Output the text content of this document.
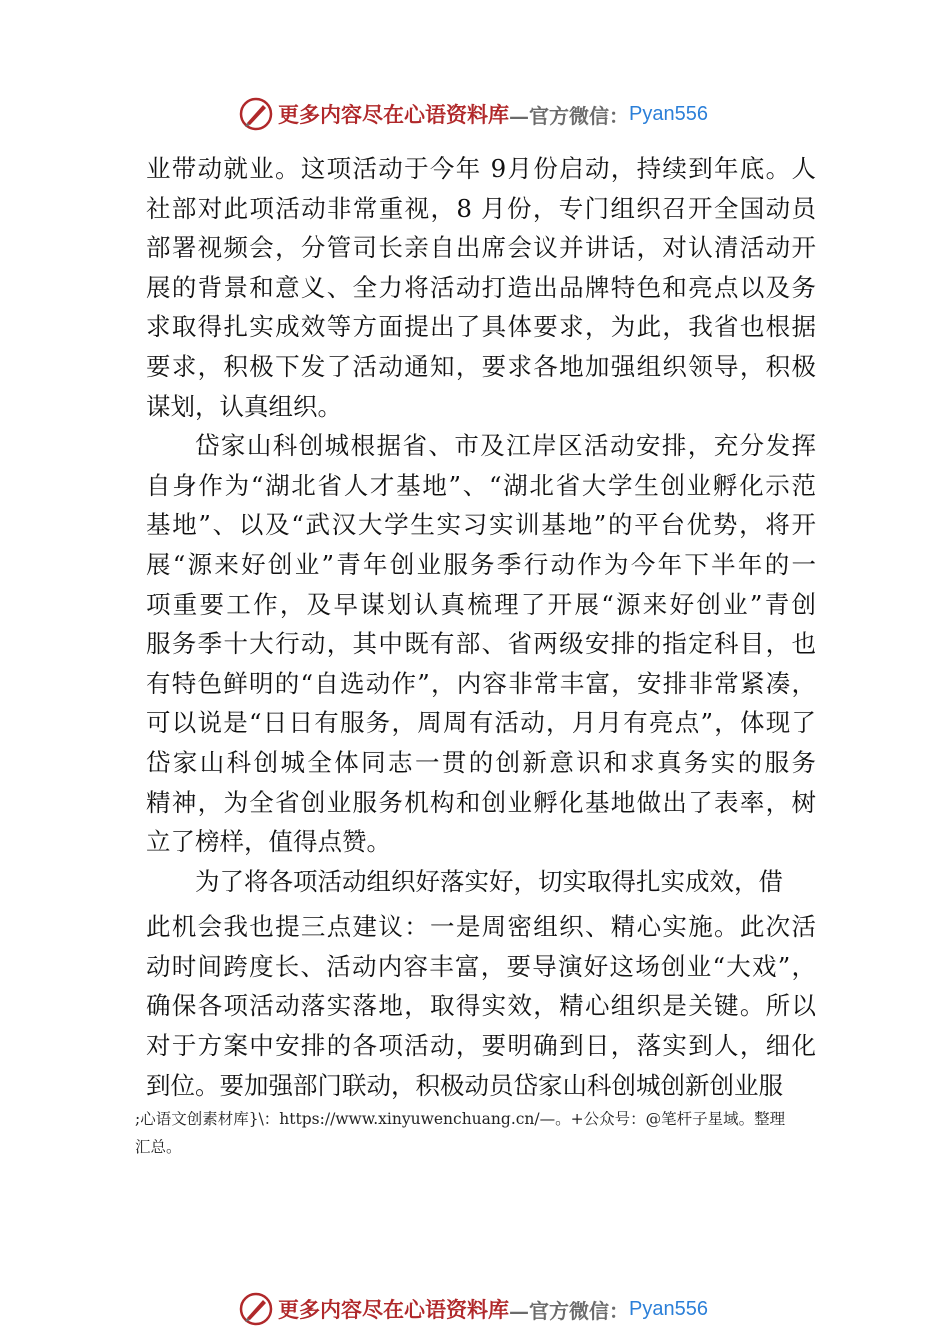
更多内容尽在心语资料库 —官方微信： Pyan556
业带动就业。这项活动于今年 9月份启动，持续到年底。人
社部对此项活动非常重视，8 月份，专门组织召开全国动员
部署视频会，分管司长亲自出席会议并讲话，对认清活动开
展的背景和意义、全力将活动打造出品牌特色和亮点以及务
求取得扎实成效等方面提出了具体要求，为此，我省也根据
要求，积极下发了活动通知，要求各地加强组织领导，积极
谋划，认真组织。
岱家山科创城根据省、市及江岸区活动安排，充分发挥
自身作为“湖北省人才基地”、“湖北省大学生创业孵化示范
基地”、以及“武汉大学生实习实训基地”的平台优势，将开
展“源来好创业”青年创业服务季行动作为今年下半年的一
项重要工作，及早谋划认真梳理了开展“源来好创业”青创
服务季十大行动，其中既有部、省两级安排的指定科目，也
有特色鲜明的“自选动作”，内容非常丰富，安排非常紧凑，
可以说是“日日有服务，周周有活动，月月有亮点”，体现了
岱家山科创城全体同志一贯的创新意识和求真务实的服务
精神，为全省创业服务机构和创业孵化基地做出了表率，树
立了榜样，值得点赞。
为了将各项活动组织好落实好，切实取得扎实成效，借
此机会我也提三点建议：一是周密组织、精心实施。此次活
动时间跨度长、活动内容丰富，要导演好这场创业“大戏”，
确保各项活动落实落地，取得实效，精心组织是关键。所以
对于方案中安排的各项活动，要明确到日，落实到人，细化
到位。要加强部门联动，积极动员岱家山科创城创新创业服
;心语文创素材库}\：https://www.xinyuwenchuang.cn/—。+公众号：@笔杆子星域。整理
汇总。
更多内容尽在心语资料库 —官方微信： Pyan556
